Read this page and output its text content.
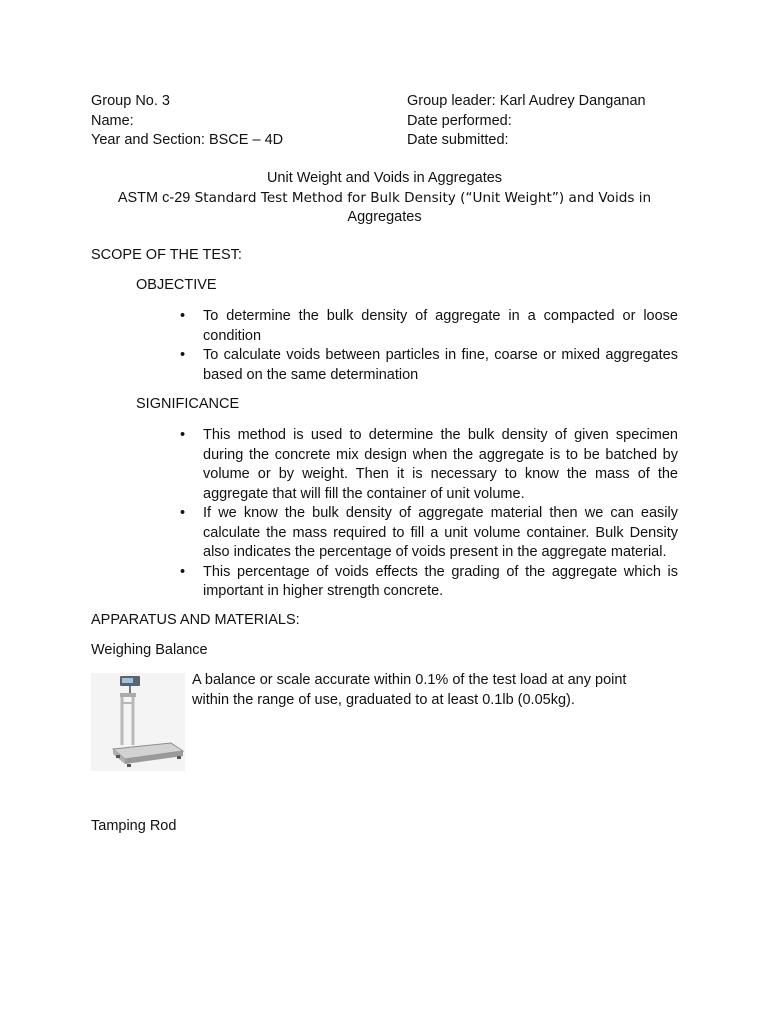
Group No. 3
Name:
Year and Section: BSCE – 4D
Group leader: Karl Audrey Danganan
Date performed:
Date submitted:
Unit Weight and Voids in Aggregates
ASTM c-29 Standard Test Method for Bulk Density (“Unit Weight”) and Voids in
Aggregates
SCOPE OF THE TEST:
OBJECTIVE
• To determine the bulk density of aggregate in a compacted or loose condition
• To calculate voids between particles in fine, coarse or mixed aggregates based on the same determination
SIGNIFICANCE
• This method is used to determine the bulk density of given specimen during the concrete mix design when the aggregate is to be batched by volume or by weight. Then it is necessary to know the mass of the aggregate that will fill the container of unit volume.
• If we know the bulk density of aggregate material then we can easily calculate the mass required to fill a unit volume container. Bulk Density also indicates the percentage of voids present in the aggregate material.
• This percentage of voids effects the grading of the aggregate which is important in higher strength concrete.
APPARATUS AND MATERIALS:
Weighing Balance
A balance or scale accurate within 0.1% of the test load at any point within the range of use, graduated to at least 0.1lb (0.05kg).
Tamping Rod
